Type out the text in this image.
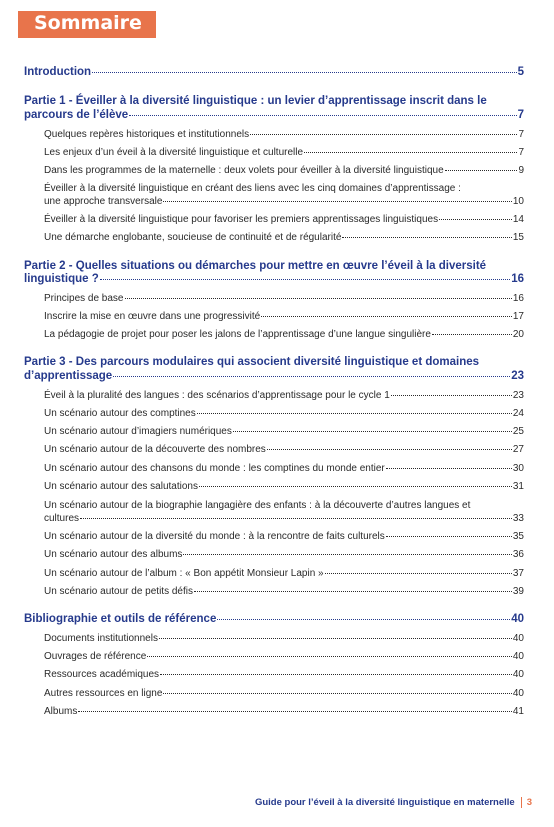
Sommaire
Introduction	5
Partie 1 - Éveiller à la diversité linguistique : un levier d’apprentissage inscrit dans le
parcours de l’élève	7
Quelques repères historiques et institutionnels	7
Les enjeux d’un éveil à la diversité linguistique et culturelle	7
Dans les programmes de la maternelle : deux volets pour éveiller à la diversité linguistique	9
Éveiller à la diversité linguistique en créant des liens avec les cinq domaines d’apprentissage :
une approche transversale	10
Éveiller à la diversité linguistique pour favoriser les premiers apprentissages linguistiques	14
Une démarche englobante, soucieuse de continuité et de régularité	15
Partie 2 - Quelles situations ou démarches pour mettre en œuvre l’éveil à la diversité
linguistique ?	16
Principes de base	16
Inscrire la mise en œuvre dans une progressivité	17
La pédagogie de projet pour poser les jalons de l’apprentissage d’une langue singulière	20
Partie 3 - Des parcours modulaires qui associent diversité linguistique et domaines
d’apprentissage	23
Éveil à la pluralité des langues : des scénarios d’apprentissage pour le cycle 1	23
Un scénario autour des comptines	24
Un scénario autour d’imagiers numériques	25
Un scénario autour de la découverte des nombres	27
Un scénario autour des chansons du monde : les comptines du monde entier	30
Un scénario autour des salutations	31
Un scénario autour de la biographie langagière des enfants : à la découverte d’autres langues et
cultures	33
Un scénario autour de la diversité du monde : à la rencontre de faits culturels	35
Un scénario autour des albums	36
Un scénario autour de l’album : « Bon appétit Monsieur Lapin »	37
Un scénario autour de petits défis	39
Bibliographie et outils de référence	40
Documents institutionnels	40
Ouvrages de référence	40
Ressources académiques	40
Autres ressources en ligne	40
Albums	41
Guide pour l’éveil à la diversité linguistique en maternelle 3
